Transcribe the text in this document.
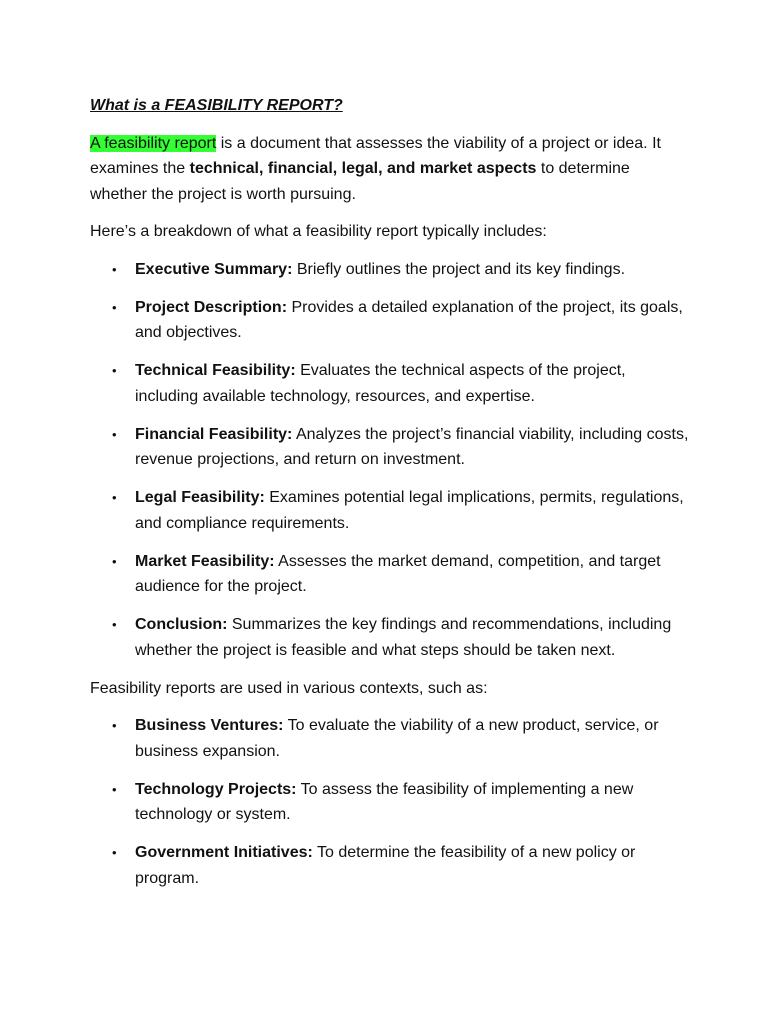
What is a FEASIBILITY REPORT?

A feasibility report is a document that assesses the viability of a project or idea. It examines the technical, financial, legal, and market aspects to determine whether the project is worth pursuing.

Here’s a breakdown of what a feasibility report typically includes:

• Executive Summary: Briefly outlines the project and its key findings.
• Project Description: Provides a detailed explanation of the project, its goals, and objectives.
• Technical Feasibility: Evaluates the technical aspects of the project, including available technology, resources, and expertise.
• Financial Feasibility: Analyzes the project’s financial viability, including costs, revenue projections, and return on investment.
• Legal Feasibility: Examines potential legal implications, permits, regulations, and compliance requirements.
• Market Feasibility: Assesses the market demand, competition, and target audience for the project.
• Conclusion: Summarizes the key findings and recommendations, including whether the project is feasible and what steps should be taken next.

Feasibility reports are used in various contexts, such as:

• Business Ventures: To evaluate the viability of a new product, service, or business expansion.
• Technology Projects: To assess the feasibility of implementing a new technology or system.
• Government Initiatives: To determine the feasibility of a new policy or program.
